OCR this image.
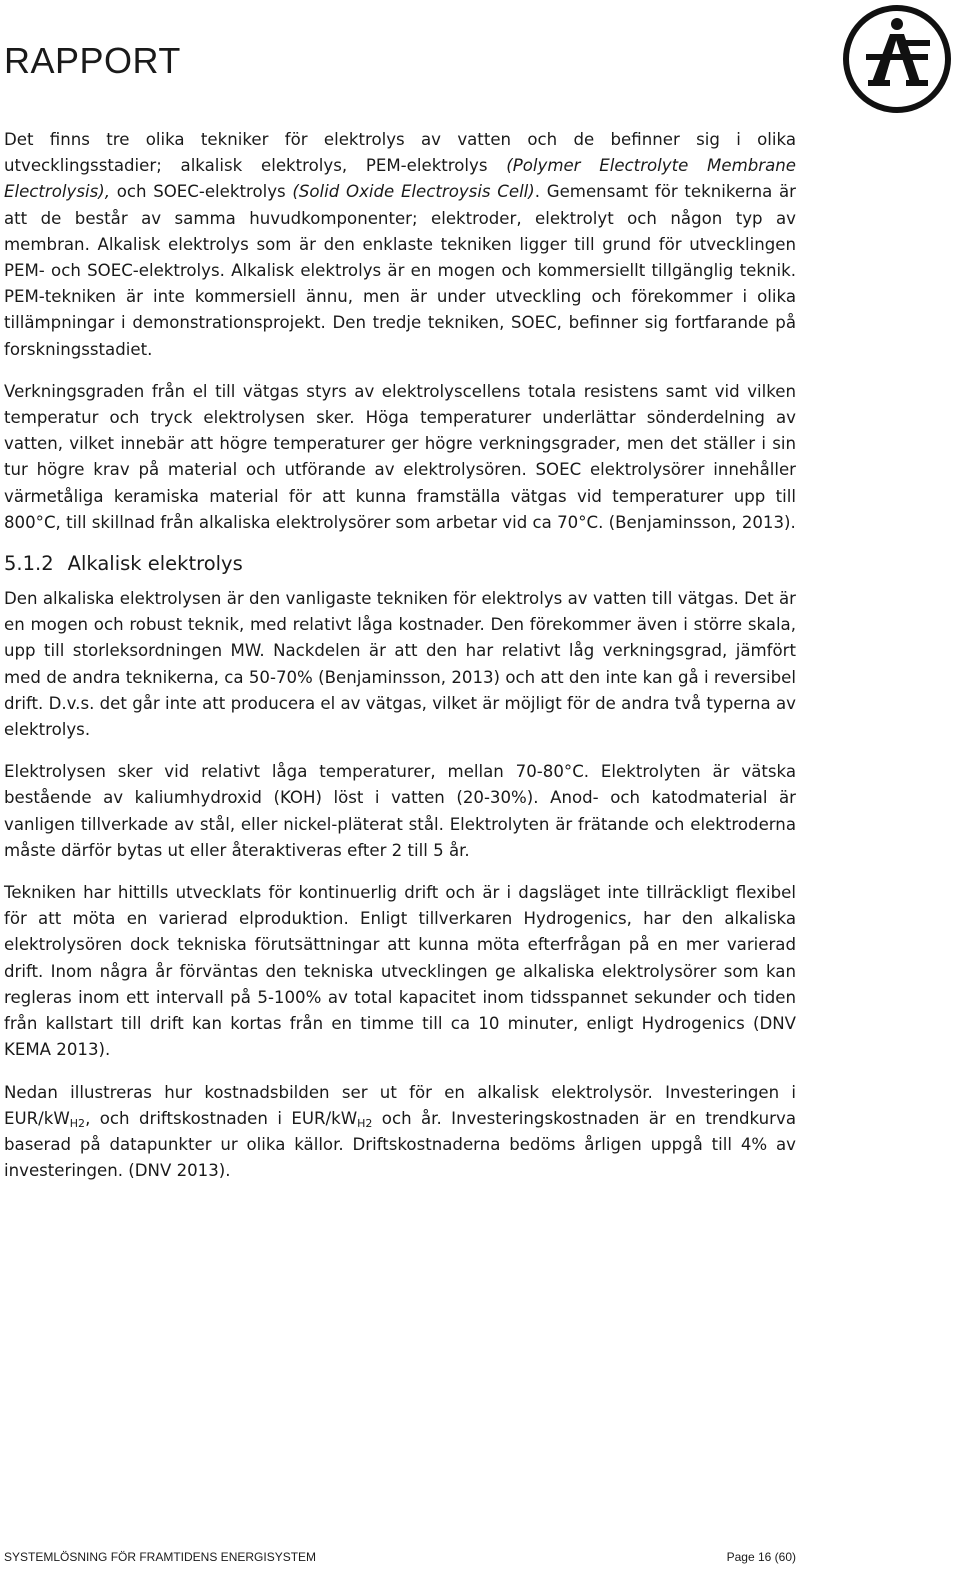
RAPPORT

Det finns tre olika tekniker för elektrolys av vatten och de befinner sig i olika utvecklingsstadier; alkalisk elektrolys, PEM-elektrolys (Polymer Electrolyte Membrane Electrolysis), och SOEC-elektrolys (Solid Oxide Electroysis Cell). Gemensamt för teknikerna är att de består av samma huvudkomponenter; elektroder, elektrolyt och någon typ av membran. Alkalisk elektrolys som är den enklaste tekniken ligger till grund för utvecklingen PEM- och SOEC-elektrolys. Alkalisk elektrolys är en mogen och kommersiellt tillgänglig teknik. PEM-tekniken är inte kommersiell ännu, men är under utveckling och förekommer i olika tillämpningar i demonstrationsprojekt. Den tredje tekniken, SOEC, befinner sig fortfarande på forskningsstadiet.

Verkningsgraden från el till vätgas styrs av elektrolyscellens totala resistens samt vid vilken temperatur och tryck elektrolysen sker. Höga temperaturer underlättar sönderdelning av vatten, vilket innebär att högre temperaturer ger högre verkningsgrader, men det ställer i sin tur högre krav på material och utförande av elektrolysören. SOEC elektrolysörer innehåller värmetåliga keramiska material för att kunna framställa vätgas vid temperaturer upp till 800°C, till skillnad från alkaliska elektrolysörer som arbetar vid ca 70°C. (Benjaminsson, 2013).

5.1.2 Alkalisk elektrolys

Den alkaliska elektrolysen är den vanligaste tekniken för elektrolys av vatten till vätgas. Det är en mogen och robust teknik, med relativt låga kostnader. Den förekommer även i större skala, upp till storleksordningen MW. Nackdelen är att den har relativt låg verkningsgrad, jämfört med de andra teknikerna, ca 50-70% (Benjaminsson, 2013) och att den inte kan gå i reversibel drift. D.v.s. det går inte att producera el av vätgas, vilket är möjligt för de andra två typerna av elektrolys.

Elektrolysen sker vid relativt låga temperaturer, mellan 70-80°C. Elektrolyten är vätska bestående av kaliumhydroxid (KOH) löst i vatten (20-30%). Anod- och katodmaterial är vanligen tillverkade av stål, eller nickel-pläterat stål. Elektrolyten är frätande och elektroderna måste därför bytas ut eller återaktiveras efter 2 till 5 år.

Tekniken har hittills utvecklats för kontinuerlig drift och är i dagsläget inte tillräckligt flexibel för att möta en varierad elproduktion. Enligt tillverkaren Hydrogenics, har den alkaliska elektrolysören dock tekniska förutsättningar att kunna möta efterfrågan på en mer varierad drift. Inom några år förväntas den tekniska utvecklingen ge alkaliska elektrolysörer som kan regleras inom ett intervall på 5-100% av total kapacitet inom tidsspannet sekunder och tiden från kallstart till drift kan kortas från en timme till ca 10 minuter, enligt Hydrogenics (DNV KEMA 2013).

Nedan illustreras hur kostnadsbilden ser ut för en alkalisk elektrolysör. Investeringen i EUR/$kW_{H2}$, och driftskostnaden i EUR/$kW_{H2}$ och år. Investeringskostnaden är en trendkurva baserad på datapunkter ur olika källor. Driftskostnaderna bedöms årligen uppgå till 4% av investeringen. (DNV 2013).

SYSTEMLÖSNING FÖR FRAMTIDENS ENERGISYSTEM	Page 16 (60)
